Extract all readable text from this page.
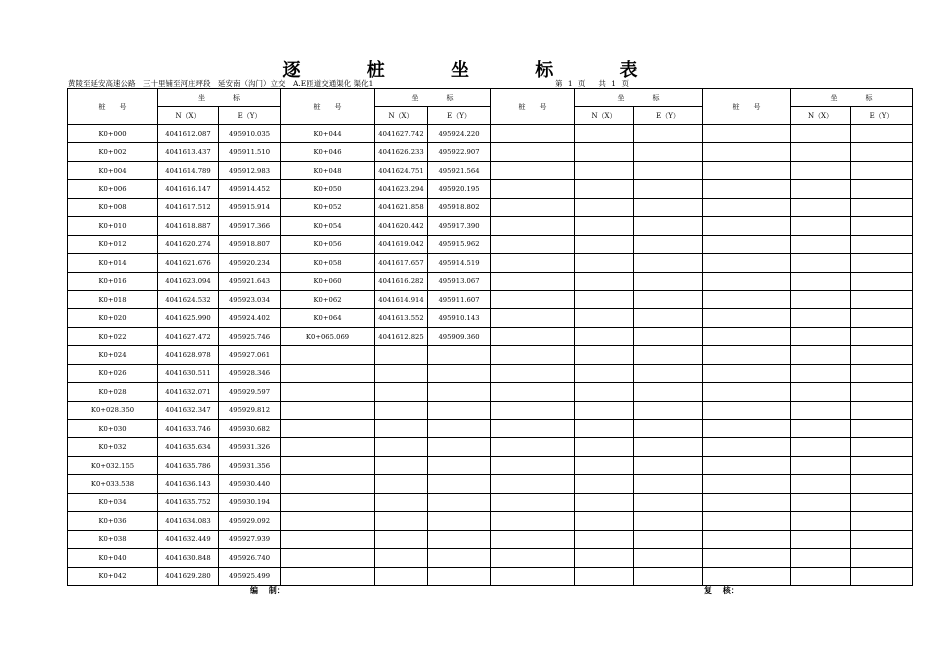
逐 桩 坐 标 表
黄陵至延安高速公路　三十里铺至河庄坪段　延安南（沟门）立交　A.E匝道交通渠化 渠化1	第 1 页　 共 1 页
桩　　号	坐　　　　标		桩　　号	坐　　　　标		桩　　号	坐　　　　标		桩　　号	坐　　　　标	
	N（X）	E（Y）		N（X）	E（Y）		N（X）	E（Y）		N（X）	E（Y）
K0+000	4041612.087	495910.035	K0+044	4041627.742	495924.220						
K0+002	4041613.437	495911.510	K0+046	4041626.233	495922.907						
K0+004	4041614.789	495912.983	K0+048	4041624.751	495921.564						
K0+006	4041616.147	495914.452	K0+050	4041623.294	495920.195						
K0+008	4041617.512	495915.914	K0+052	4041621.858	495918.802						
K0+010	4041618.887	495917.366	K0+054	4041620.442	495917.390						
K0+012	4041620.274	495918.807	K0+056	4041619.042	495915.962						
K0+014	4041621.676	495920.234	K0+058	4041617.657	495914.519						
K0+016	4041623.094	495921.643	K0+060	4041616.282	495913.067						
K0+018	4041624.532	495923.034	K0+062	4041614.914	495911.607						
K0+020	4041625.990	495924.402	K0+064	4041613.552	495910.143						
K0+022	4041627.472	495925.746	K0+065.069	4041612.825	495909.360						
K0+024	4041628.978	495927.061									
K0+026	4041630.511	495928.346									
K0+028	4041632.071	495929.597									
K0+028.350	4041632.347	495929.812									
K0+030	4041633.746	495930.682									
K0+032	4041635.634	495931.326									
K0+032.155	4041635.786	495931.356									
K0+033.538	4041636.143	495930.440									
K0+034	4041635.752	495930.194									
K0+036	4041634.083	495929.092									
K0+038	4041632.449	495927.939									
K0+040	4041630.848	495926.740									
K0+042	4041629.280	495925.499									
编　 制：	复　 核：
